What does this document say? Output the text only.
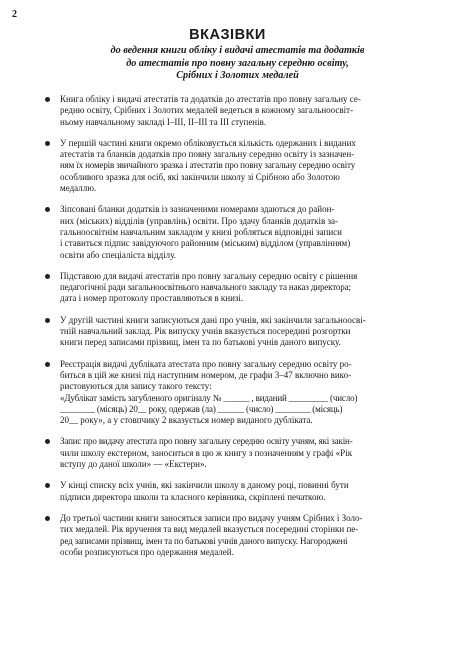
2
ВКАЗІВКИ
до ведення книги обліку і видачі атестатів та додатків
до атестатів про повну загальну середню освіту,
Срібних і Золотих медалей
Книга обліку і видачі атестатів та додатків до атестатів про повну загальну се-
редню освіту, Срібних і Золотих медалей ведеться в кожному загальноосвіт-
ньому навчальному закладі I–III, II–III та III ступенів.
У першій частині книги окремо обліковується кількість одержаних і виданих
атестатів та бланків додатків про повну загальну середню освіту із зазначен-
ням їх номерів звичайного зразка і атестатів про повну загальну середню освіту
особливого зразка для осіб, які закінчили школу зі Срібною або Золотою
медаллю.
Зіпсовані бланки додатків із зазначеними номерами здаються до район-
них (міських) відділів (управлінь) освіти. Про здачу бланків додатків за-
гальноосвітнім навчальним закладом у книзі робляться відповідні записи
і ставиться підпис завідуючого районним (міським) відділом (управлінням)
освіти або спеціаліста відділу.
Підставою для видачі атестатів про повну загальну середню освіту є рішення
педагогічної ради загальноосвітнього навчального закладу та наказ директора;
дата і номер протоколу проставляються в книзі.
У другій частині книги записуються дані про учнів, які закінчили загальноосві-
тній навчальний заклад. Рік випуску учнів вказується посередині розгортки
книги перед записами прізвищ, імен та по батькові учнів даного випуску.
Реєстрація видачі дубліката атестата про повну загальну середню освіту ро-
биться в цій же книзі під наступним номером, де графи 3–47 включно вико-
ристовуються для запису такого тексту:
«Дублікат замість загубленого оригіналу № ______ , виданий _________ (число)
________ (місяць) 20__ року, одержав (ла) ______ (число) ________ (місяць)
20__ року», а у стовпчику 2 вказується номер виданого дубліката.
Запис про видачу атестата про повну загальну середню освіту учням, які закін-
чили школу екстерном, заноситься в цю ж книгу з позначенням у графі «Рік
вступу до даної школи» — «Екстерн».
У кінці списку всіх учнів, які закінчили школу в даному році, повинні бути
підписи директора школи та класного керівника, скріплені печаткою.
До третьої частини книги заносяться записи про видачу учням Срібних і Золо-
тих медалей. Рік вручення та вид медалей вказується посередині сторінки пе-
ред записами прізвищ, імен та по батькові учнів даного випуску. Нагороджені
особи розписуються про одержання медалей.
